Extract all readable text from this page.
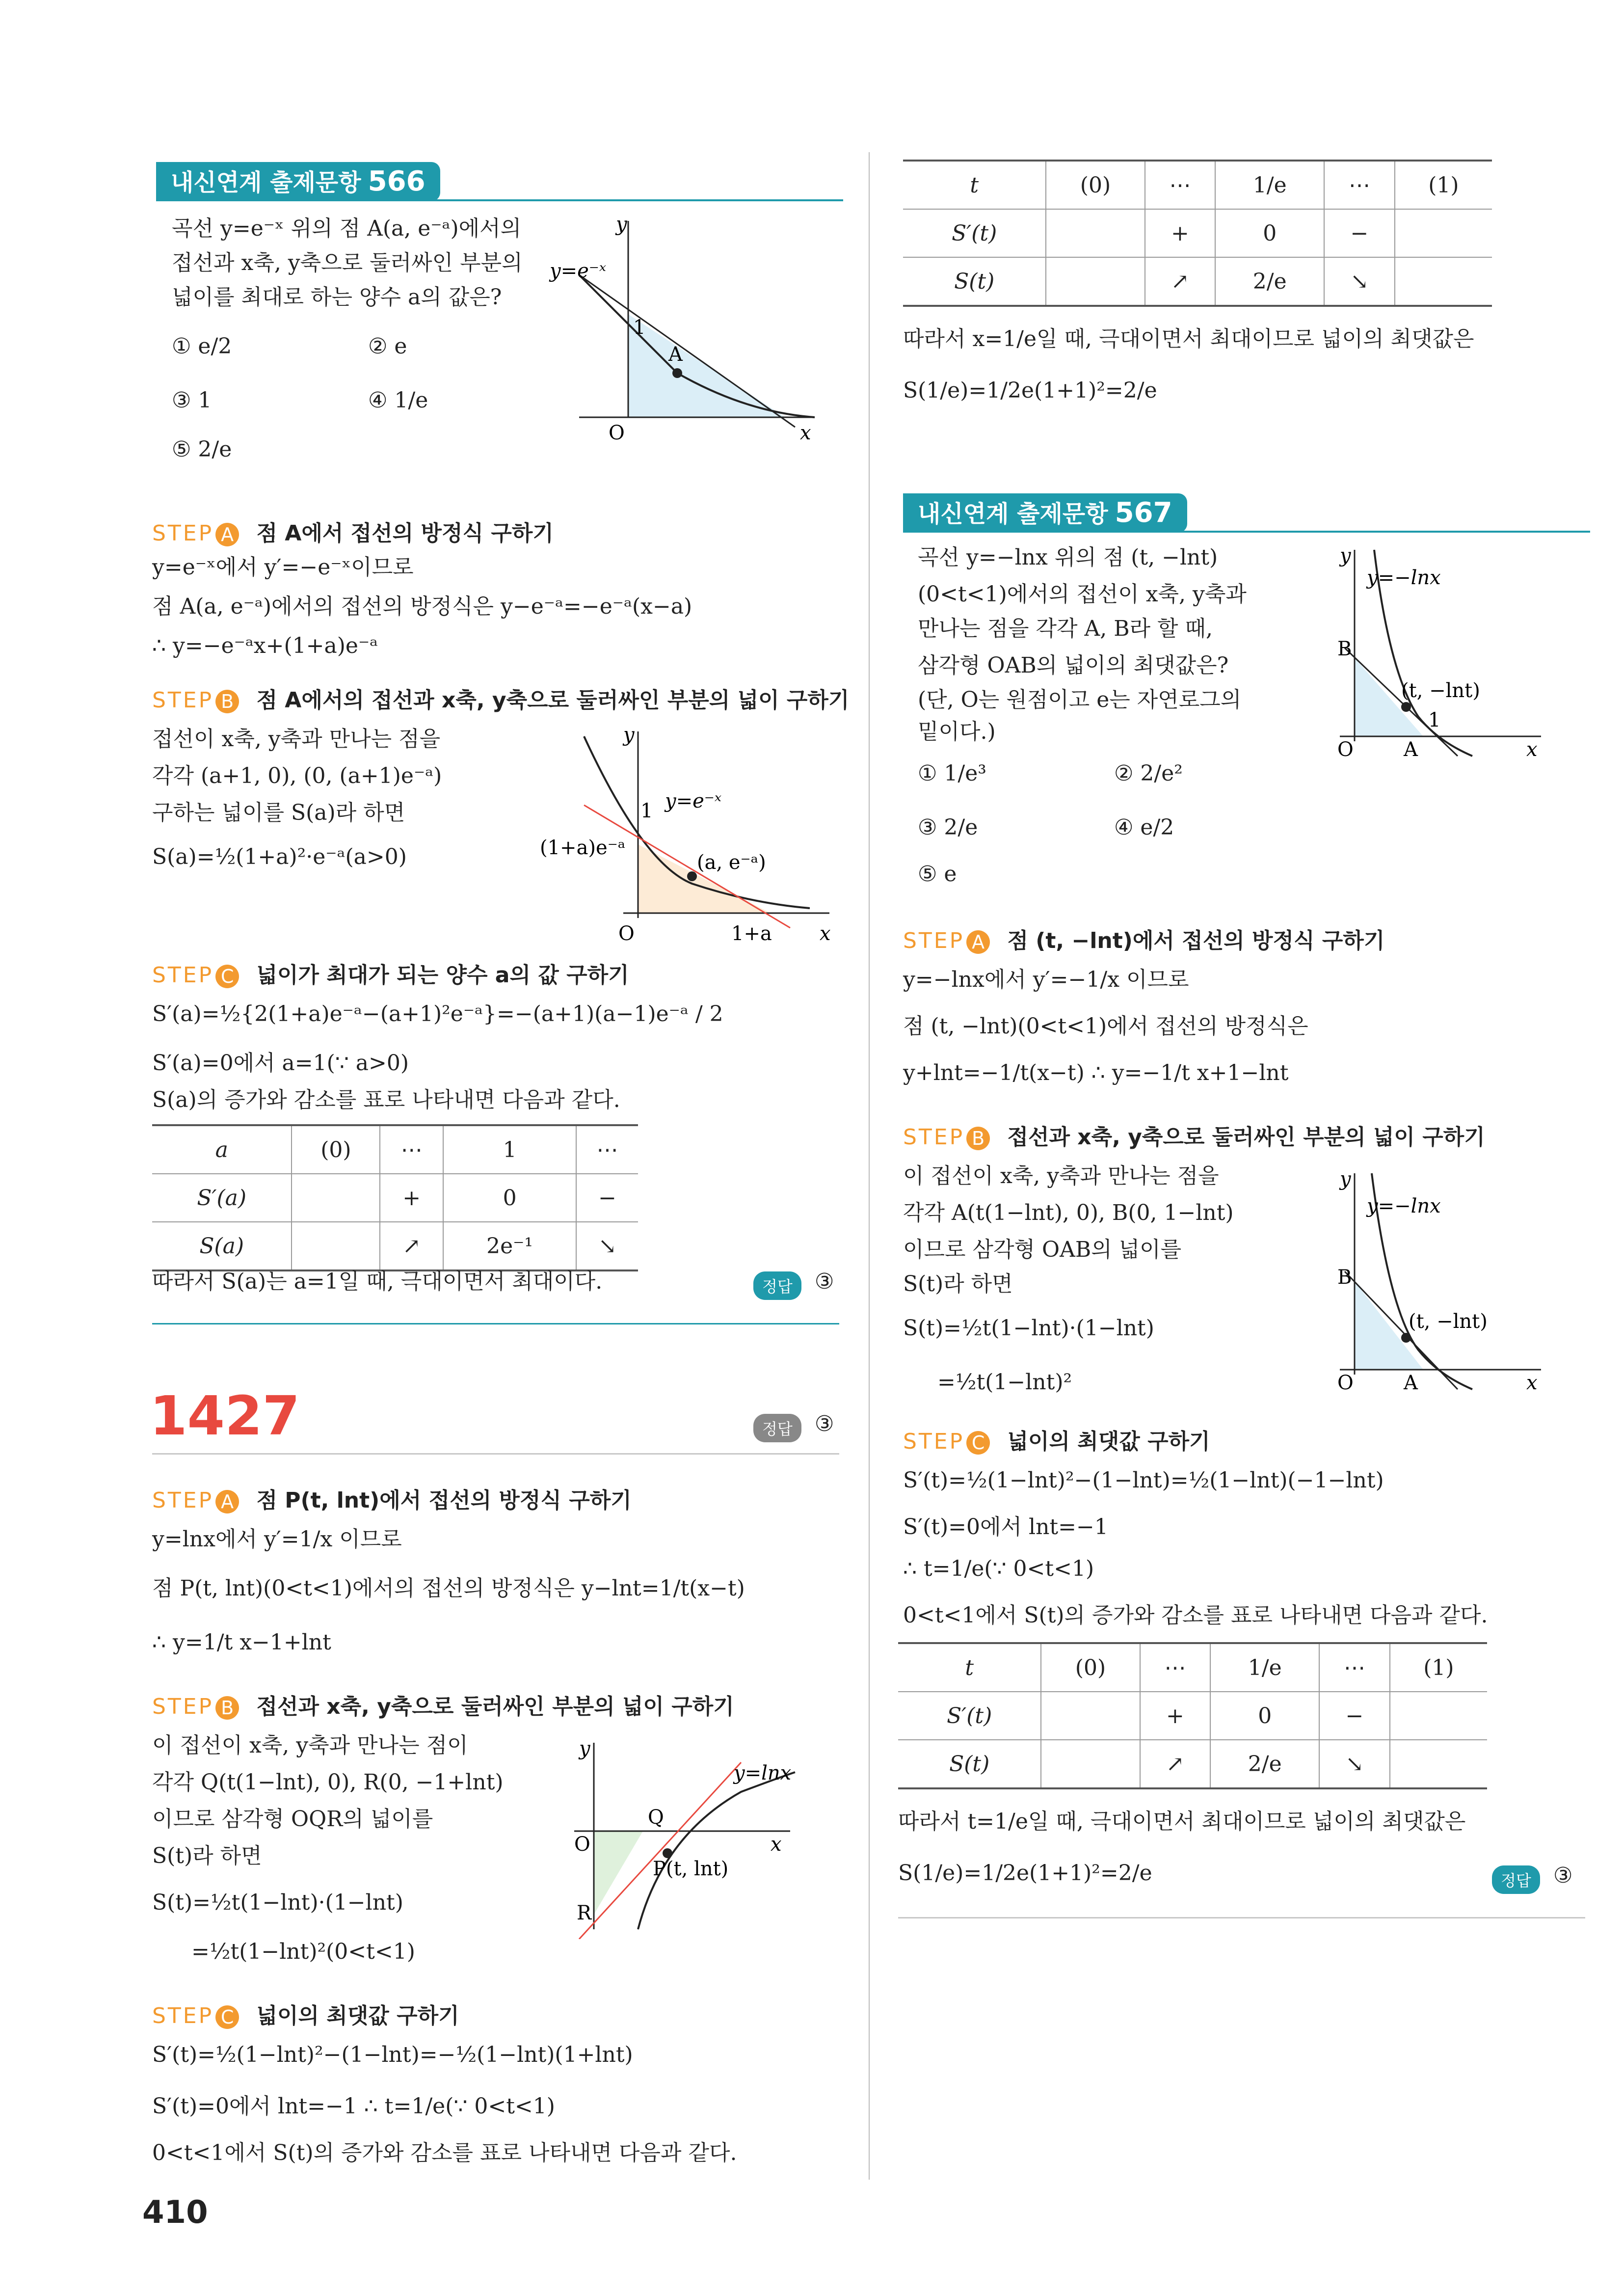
내신연계 출제문항 566
곡선 y=e⁻ˣ 위의 점 A(a, e⁻ᵃ)에서의
접선과 x축, y축으로 둘러싸인 부분의
넓이를 최대로 하는 양수 a의 값은?
① e/2	② e
③ 1	④ 1/e
⑤ 2/e
y
y=e⁻ˣ
1
A
O	x
STEP A 점 A에서 접선의 방정식 구하기
y=e⁻ˣ에서 y′=−e⁻ˣ이므로
점 A(a, e⁻ᵃ)에서의 접선의 방정식은 y−e⁻ᵃ=−e⁻ᵃ(x−a)
∴ y=−e⁻ᵃx+(1+a)e⁻ᵃ
STEP B 점 A에서의 접선과 x축, y축으로 둘러싸인 부분의 넓이 구하기
접선이 x축, y축과 만나는 점을
각각 (a+1, 0), (0, (a+1)e⁻ᵃ)
구하는 넓이를 S(a)라 하면
S(a)=½(1+a)²·e⁻ᵃ(a>0)
y
1 y=e⁻ˣ
(1+a)e⁻ᵃ
(a, e⁻ᵃ)
O	1+a x
STEP C 넓이가 최대가 되는 양수 a의 값 구하기
S′(a)=½{2(1+a)e⁻ᵃ−(a+1)²e⁻ᵃ}=−(a+1)(a−1)e⁻ᵃ / 2
S′(a)=0에서 a=1(∵ a>0)
S(a)의 증가와 감소를 표로 나타내면 다음과 같다.
a	(0)	⋯	1	⋯
S′(a)		+	0	−
S(a)		↗	2e⁻¹	↘
따라서 S(a)는 a=1일 때, 극대이면서 최대이다.	정답	③
1427	정답	③
STEP A 점 P(t, lnt)에서 접선의 방정식 구하기
y=lnx에서 y′=1/x 이므로
점 P(t, lnt)(0<t<1)에서의 접선의 방정식은 y−lnt=1/t(x−t)
∴ y=1/t x−1+lnt
STEP B 접선과 x축, y축으로 둘러싸인 부분의 넓이 구하기
이 접선이 x축, y축과 만나는 점이
각각 Q(t(1−lnt), 0), R(0, −1+lnt)
이므로 삼각형 OQR의 넓이를
S(t)라 하면
S(t)=½t(1−lnt)·(1−lnt)
=½t(1−lnt)²(0<t<1)
y
y=lnx
Q
O	x
P(t, lnt)
R
STEP C 넓이의 최댓값 구하기
S′(t)=½(1−lnt)²−(1−lnt)=−½(1−lnt)(1+lnt)
S′(t)=0에서 lnt=−1 ∴ t=1/e(∵ 0<t<1)
0<t<1에서 S(t)의 증가와 감소를 표로 나타내면 다음과 같다.
410
t	(0)	⋯	1/e	⋯	(1)
S′(t)		+	0	−	
S(t)		↗	2/e	↘	
따라서 x=1/e일 때, 극대이면서 최대이므로 넓이의 최댓값은
S(1/e)=1/2e(1+1)²=2/e
내신연계 출제문항 567
곡선 y=−lnx 위의 점 (t, −lnt)
(0<t<1)에서의 접선이 x축, y축과
만나는 점을 각각 A, B라 할 때,
삼각형 OAB의 넓이의 최댓값은?
(단, O는 원점이고 e는 자연로그의
밑이다.)
① 1/e³	② 2/e²
③ 2/e	④ e/2
⑤ e
y
y=−lnx
B
(t, −lnt)
1
O	A	x
STEP A 점 (t, −lnt)에서 접선의 방정식 구하기
y=−lnx에서 y′=−1/x 이므로
점 (t, −lnt)(0<t<1)에서 접선의 방정식은
y+lnt=−1/t(x−t) ∴ y=−1/t x+1−lnt
STEP B 접선과 x축, y축으로 둘러싸인 부분의 넓이 구하기
이 접선이 x축, y축과 만나는 점을
각각 A(t(1−lnt), 0), B(0, 1−lnt)
이므로 삼각형 OAB의 넓이를
S(t)라 하면
S(t)=½t(1−lnt)·(1−lnt)
=½t(1−lnt)²
y
y=−lnx
B
(t, −lnt)
O	A	x
STEP C 넓이의 최댓값 구하기
S′(t)=½(1−lnt)²−(1−lnt)=½(1−lnt)(−1−lnt)
S′(t)=0에서 lnt=−1
∴ t=1/e(∵ 0<t<1)
0<t<1에서 S(t)의 증가와 감소를 표로 나타내면 다음과 같다.
t	(0)	⋯	1/e	⋯	(1)
S′(t)		+	0	−	
S(t)		↗	2/e	↘	
따라서 t=1/e일 때, 극대이면서 최대이므로 넓이의 최댓값은
S(1/e)=1/2e(1+1)²=2/e	정답	③
